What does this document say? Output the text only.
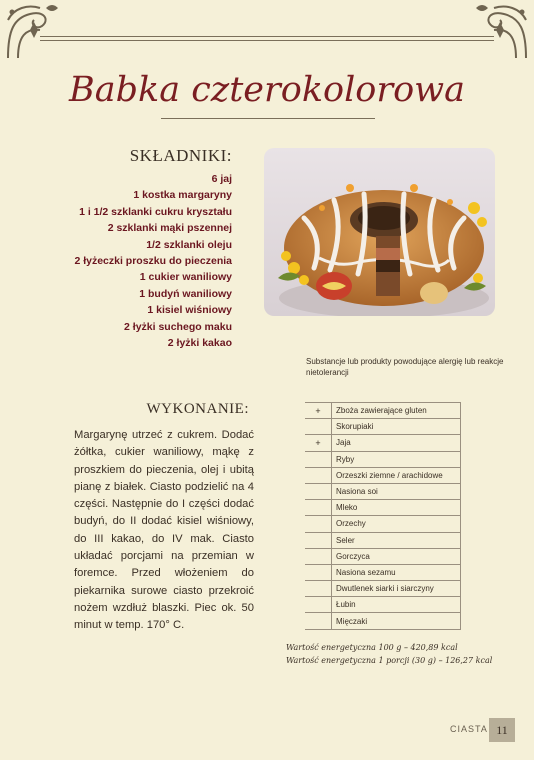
Babka czterokolorowa
SKŁADNIKI:
6 jaj
1 kostka margaryny
1 i 1/2 szklanki cukru kryształu
2 szklanki mąki pszennej
1/2 szklanki oleju
2 łyżeczki proszku do pieczenia
1 cukier waniliowy
1 budyń waniliowy
1 kisiel wiśniowy
2 łyżki suchego maku
2 łyżki kakao
Substancje lub produkty powodujące alergię lub reakcje nietolerancji
WYKONANIE:
Margarynę utrzeć z cukrem. Dodać żółtka, cukier waniliowy, mąkę z proszkiem do pieczenia, olej i ubitą pianę z białek. Ciasto podzielić na 4 części. Następnie do I części dodać budyń, do II dodać kisiel wiśniowy, do III kakao, do IV mak. Ciasto układać porcjami na przemian w foremce. Przed włożeniem do piekarnika surowe ciasto przekroić nożem wzdłuż blaszki. Piec ok. 50 minut w temp. 170° C.
+	Zboża zawierające gluten
	Skorupiaki
+	Jaja
	Ryby
	Orzeszki ziemne / arachidowe
	Nasiona soi
	Mleko
	Orzechy
	Seler
	Gorczyca
	Nasiona sezamu
	Dwutlenek siarki i siarczyny
	Łubin
	Mięczaki
Wartość energetyczna 100 g – 420,89 kcal
Wartość energetyczna 1 porcji (30 g) – 126,27 kcal
CIASTA 11
